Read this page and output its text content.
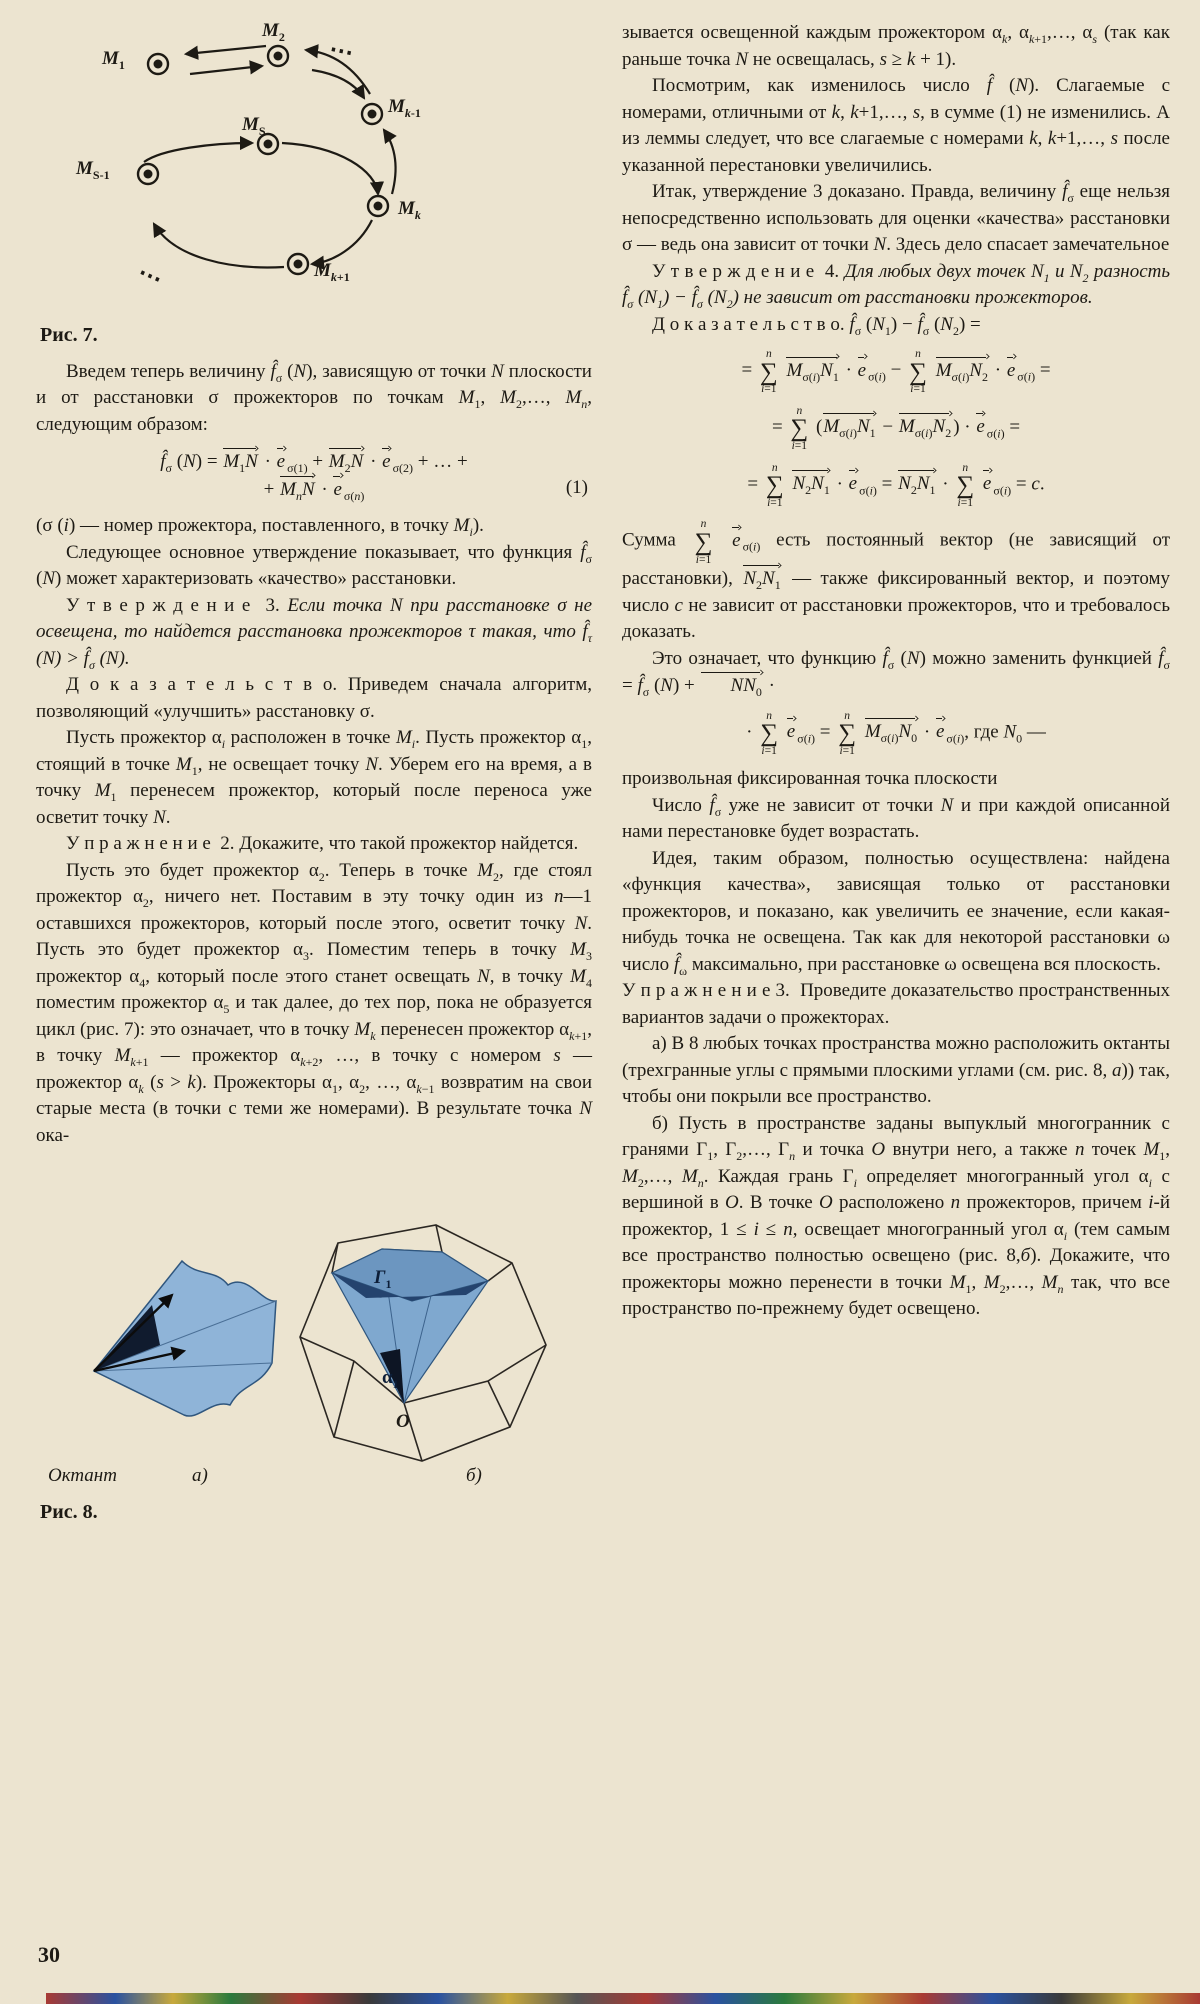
⋯
⋯
$M_1$
$M_2$
$M_{k-1}$
$M_S$
$M_{S-1}$
$M_k$
$M_{k+1}$

Рис. 7.

Введем теперь величину $f̂_\sigma$ (N), зависящую от точки N плоскости и от расстановки σ прожекторов по точкам $M_1$, $M_2,\dots$, $M_n$, следующим образом:
$f̂_\sigma$ $(N) = M_1N \cdot e$ $_{\sigma(1)} + M_2N \cdot e$ $_{\sigma(2)}$ + … +
+ $M_nN \cdot e$ $_{\sigma(n)}$	(1)
(σ (i) — номер прожектора, поставленного, в точку $M_i$).
Следующее основное утверждение показывает, что функция $f̂_\sigma$ (N) может характеризовать «качество» расстановки.
У т в е р ж д е н и е  3. Если точка N при расстановке σ не освещена, то найдется расстановка прожекторов τ такая, что $f̂_\tau$ $(N) > f̂_\sigma$ (N).
Д о к а з а т е л ь с т в о. Приведем сначала алгоритм, позволяющий «улучшить» расстановку σ.
Пусть прожектор $\alpha_i$ расположен в точке $M_i$. Пусть прожектор $\alpha_1$, стоящий в точке $M_1$, не освещает точку N. Уберем его на время, а в точку $M_1$ перенесем прожектор, который после переноса уже осветит точку N.
У п р а ж н е н и е  2. Докажите, что такой прожектор найдется.
Пусть это будет прожектор $\alpha_2$. Теперь в точке $M_2$, где стоял прожектор $\alpha_2$, ничего нет. Поставим в эту точку один из n—1 оставшихся прожекторов, который после этого, осветит точку N. Пусть это будет прожектор $\alpha_3$. Поместим теперь в точку $M_3$ прожектор $\alpha_4$, который после этого станет освещать N, в точку $M_4$ поместим прожектор $\alpha_5$ и так далее, до тех пор, пока не образуется цикл (рис. 7): это означает, что в точку $M_k$ перенесен прожектор $\alpha_{k+1}$, в точку $M_{k+1}$ — прожектор $\alpha_{k+2}$, …, в точку с номером s — прожектор $\alpha_k$ (s > k). Прожекторы $\alpha_1$, $\alpha_2$, …, $\alpha_{k-1}$ возвратим на свои старые места (в точки с теми же номерами). В результате точка N ока-
$\Gamma_1$
$\alpha_1$
O
Октант	а)	б)

Рис. 8.

зывается освещенной каждым прожектором $\alpha_k$, $\alpha_{k+1},\dots$, $\alpha_s$ (так как раньше точка N не освещалась, s ≥ k + 1).
Посмотрим, как изменилось число f̂ (N). Слагаемые с номерами, отличными от k, k+1,…, s, в сумме (1) не изменились. А из леммы следует, что все слагаемые с номерами k, k+1,…, s после указанной перестановки увеличились.
Итак, утверждение 3 доказано. Правда, величину $f̂_\sigma$ еще нельзя непосредственно использовать для оценки «качества» расстановки σ — ведь она зависит от точки N. Здесь дело спасает замечательное
У т в е р ж д е н и е  4. Для любых двух точек $N_1$ и $N_2$ разность $f̂_\sigma$ $(N_1)$ − $f̂_\sigma$ $(N_2)$ не зависит от расстановки прожекторов.
Д о к а з а т е л ь с т в о. $f̂_\sigma$ $(N_1)$ − $f̂_\sigma$ $(N_2)$ =
=
n
∑
i=1
$M_{\sigma(i)}N_1 \cdot e$ $_{\sigma(i)}$ −
n
∑
i=1
$M_{\sigma(i)}N_2 \cdot e$ $_{\sigma(i)}$ =
=
n
∑
i=1
($M_{\sigma(i)}N_1 - M_{\sigma(i)}N_2$ ) · e $_{\sigma(i)}$ =
=
n
∑
i=1
$N_2N_1 \cdot e$ $_{\sigma(i)} = N_2N_1$ ·
n
∑
i=1
e $_{\sigma(i)}$ = c.
Сумма
n
∑
i=1
e $_{\sigma(i)}$ есть постоянный вектор (не зависящий от расстановки), $N_2N_1$ — также фиксированный вектор, и поэтому число c не зависит от расстановки прожекторов, что и требовалось доказать.
Это означает, что функцию $f̂_\sigma$ (N) можно заменить функцией $f̂_\sigma$ = $f̂_\sigma$ $(N) + NN_0$ ·
·
n
∑
i=1
e $_{\sigma(i)}$ =
n
∑
i=1
$M_{\sigma(i)}N_0 \cdot e$ $_{\sigma(i)}$, где $N_0$ —
произвольная фиксированная точка плоскости
Число $f̂_\sigma$ уже не зависит от точки N и при каждой описанной нами перестановке будет возрастать.
Идея, таким образом, полностью осуществлена: найдена «функция качества», зависящая только от расстановки прожекторов, и показано, как увеличить ее значение, если какая-нибудь точка не освещена. Так как для некоторой расстановки ω число $f̂_\omega$ максимально, при расстановке ω освещена вся плоскость.
У п р а ж н е н и е 3.  Проведите доказательство пространственных вариантов задачи о прожекторах.
а) В 8 любых точках пространства можно расположить октанты (трехгранные углы с прямыми плоскими углами (см. рис. 8, а)) так, чтобы они покрыли все пространство.
б) Пусть в пространстве заданы выпуклый многогранник с гранями $\Gamma_1$, $\Gamma_2,\dots$, $\Gamma_n$ и точка O внутри него, а также n точек $M_1$, $M_2,\dots$, $M_n$. Каждая грань $\Gamma_i$ определяет многогранный угол $\alpha_i$ с вершиной в O. В точке O расположено n прожекторов, причем i-й прожектор, 1 ≤ i ≤ n, освещает многогранный угол $\alpha_i$ (тем самым все пространство полностью освещено (рис. 8,б). Докажите, что прожекторы можно перенести в точки $M_1$, $M_2,\dots$, $M_n$ так, что все пространство по-прежнему будет освещено.
30
